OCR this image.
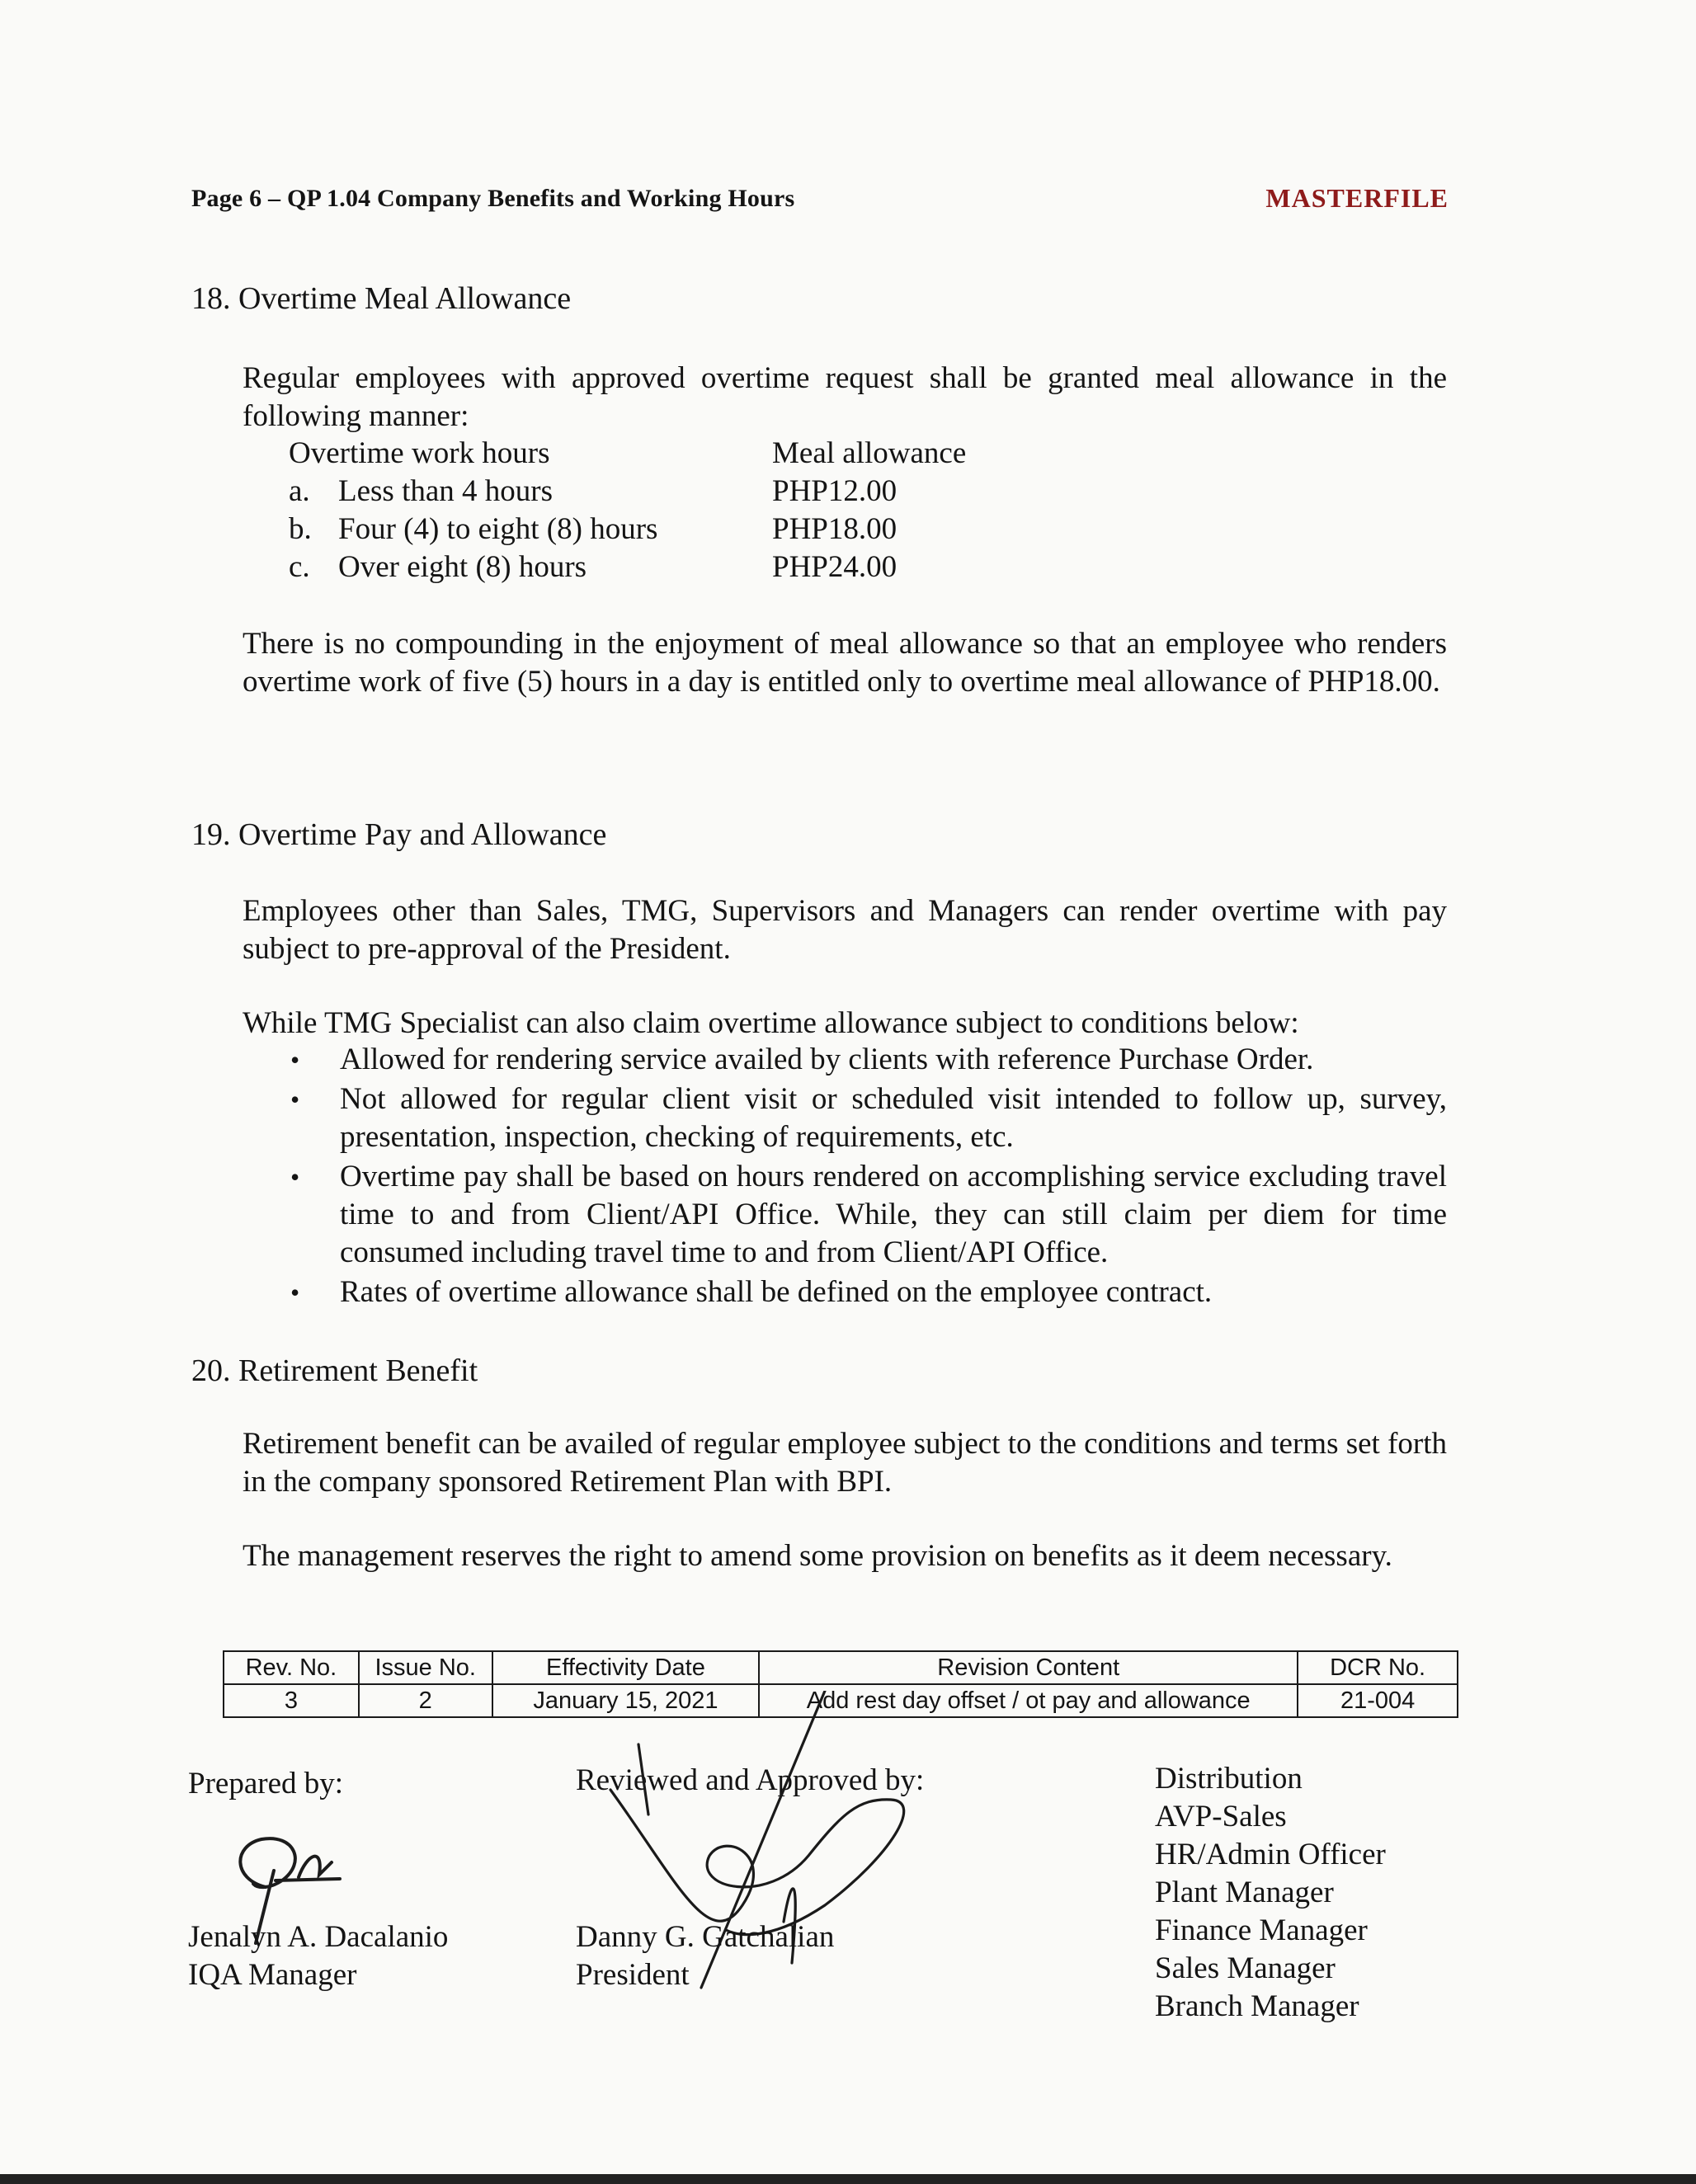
Page 6 – QP 1.04 Company Benefits and Working Hours	MASTERFILE
18. Overtime Meal Allowance
Regular employees with approved overtime request shall be granted meal allowance in the following manner:
Overtime work hours	Meal allowance
a. Less than 4 hours	PHP12.00
b. Four (4) to eight (8) hours	PHP18.00
c. Over eight (8) hours	PHP24.00
There is no compounding in the enjoyment of meal allowance so that an employee who renders overtime work of five (5) hours in a day is entitled only to overtime meal allowance of PHP18.00.
19. Overtime Pay and Allowance
Employees other than Sales, TMG, Supervisors and Managers can render overtime with pay subject to pre-approval of the President.
While TMG Specialist can also claim overtime allowance subject to conditions below:
• Allowed for rendering service availed by clients with reference Purchase Order.
• Not allowed for regular client visit or scheduled visit intended to follow up, survey, presentation, inspection, checking of requirements, etc.
• Overtime pay shall be based on hours rendered on accomplishing service excluding travel time to and from Client/API Office. While, they can still claim per diem for time consumed including travel time to and from Client/API Office.
• Rates of overtime allowance shall be defined on the employee contract.
20. Retirement Benefit
Retirement benefit can be availed of regular employee subject to the conditions and terms set forth in the company sponsored Retirement Plan with BPI.
The management reserves the right to amend some provision on benefits as it deem necessary.
Rev. No.	Issue No.	Effectivity Date	Revision Content	DCR No.
3	2	January 15, 2021	Add rest day offset / ot pay and allowance	21-004
Prepared by:
Jenalyn A. Dacalanio
IQA Manager
Reviewed and Approved by:
Danny G. Gatchalian
President
Distribution
AVP-Sales
HR/Admin Officer
Plant Manager
Finance Manager
Sales Manager
Branch Manager
